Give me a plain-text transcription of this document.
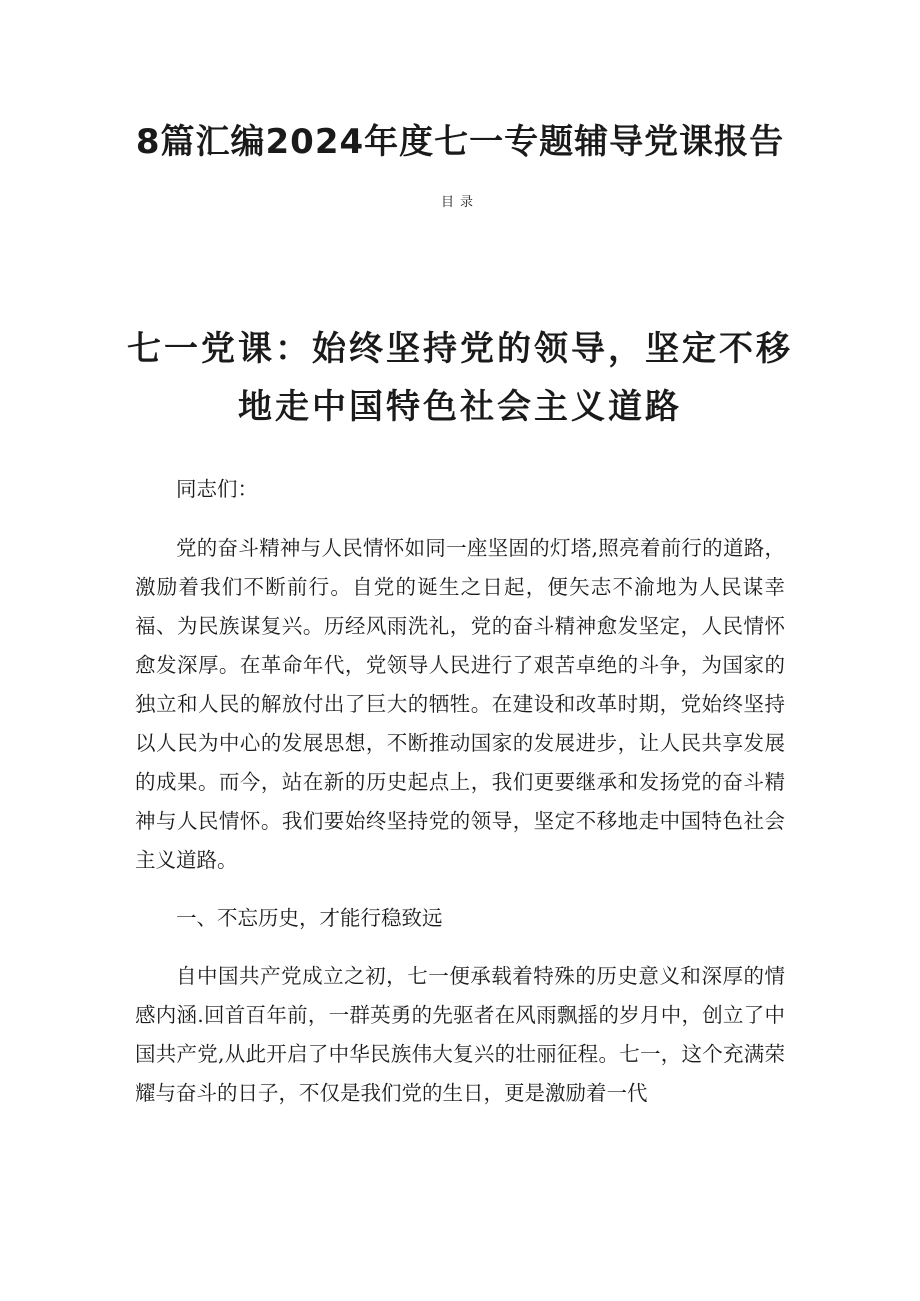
8篇汇编2024年度七一专题辅导党课报告
目录
七一党课：始终坚持党的领导，坚定不移
地走中国特色社会主义道路

同志们：

党的奋斗精神与人民情怀如同一座坚固的灯塔,照亮着前行的道路，激励着我们不断前行。自党的诞生之日起，便矢志不渝地为人民谋幸福、为民族谋复兴。历经风雨洗礼，党的奋斗精神愈发坚定，人民情怀愈发深厚。在革命年代，党领导人民进行了艰苦卓绝的斗争，为国家的独立和人民的解放付出了巨大的牺牲。在建设和改革时期，党始终坚持以人民为中心的发展思想，不断推动国家的发展进步，让人民共享发展的成果。而今，站在新的历史起点上，我们更要继承和发扬党的奋斗精神与人民情怀。我们要始终坚持党的领导，坚定不移地走中国特色社会主义道路。

一、不忘历史，才能行稳致远

自中国共产党成立之初，七一便承载着特殊的历史意义和深厚的情感内涵.回首百年前，一群英勇的先驱者在风雨飘摇的岁月中，创立了中国共产党,从此开启了中华民族伟大复兴的壮丽征程。七一，这个充满荣耀与奋斗的日子，不仅是我们党的生日，更是激励着一代
